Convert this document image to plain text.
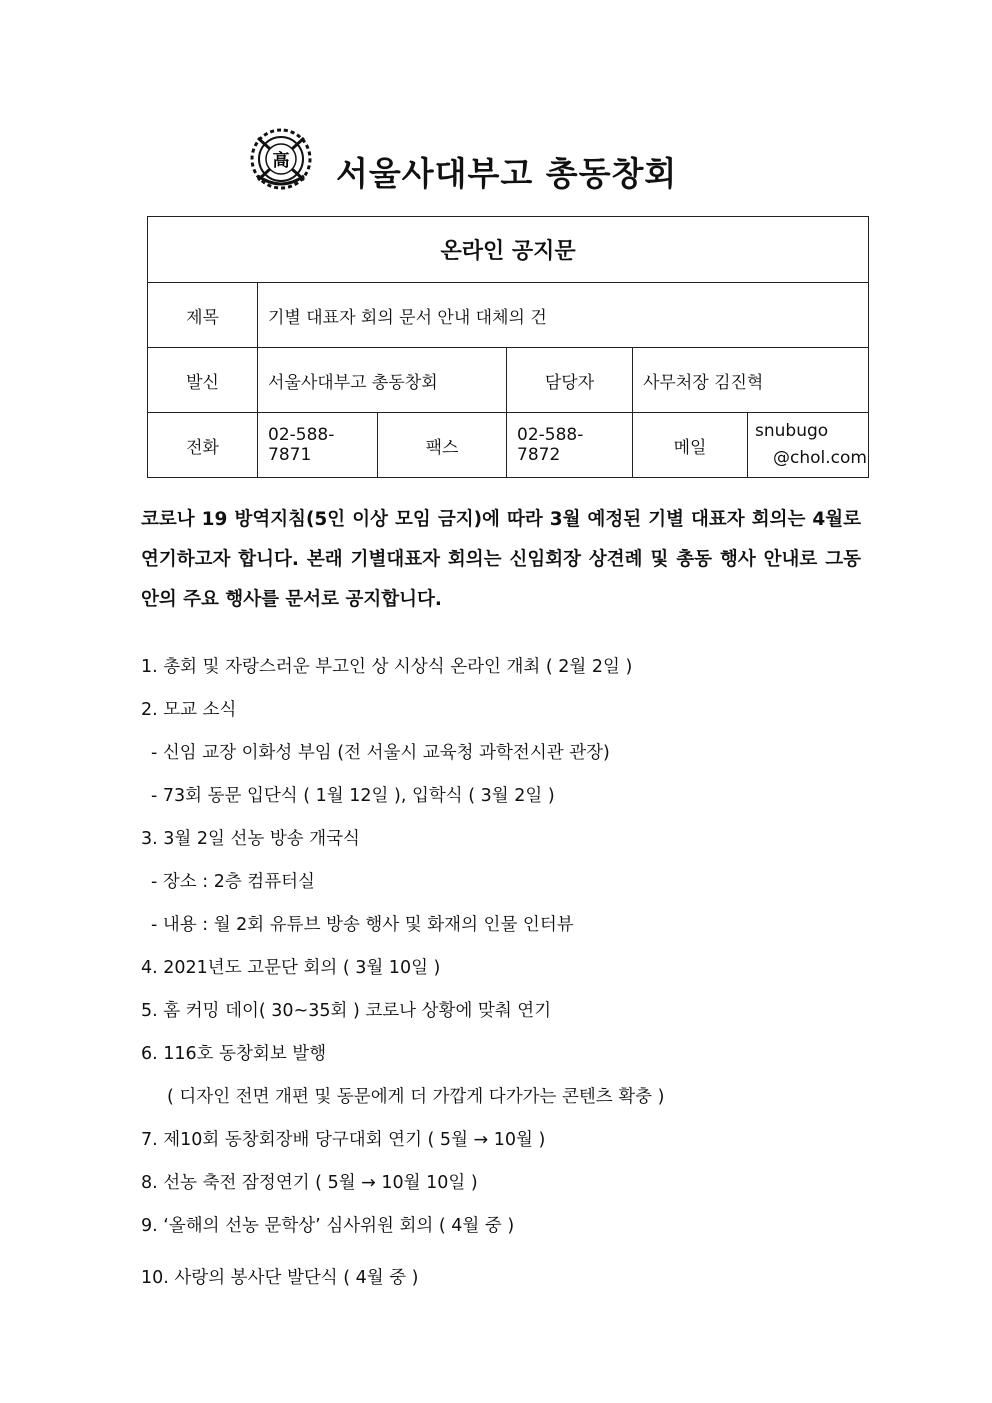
高 서울사대부고 총동창회
온라인 공지문					
제목	기별 대표자 회의 문서 안내 대체의 건				
발신	서울사대부고 총동창회		담당자	사무처장 김진혁	
전화	02-588-7871	팩스	02-588-7872	메일	snubugo
@chol.com
코로나 19 방역지침(5인 이상 모임 금지)에 따라 3월 예정된 기별 대표자 회의는 4월로 연기하고자 합니다. 본래 기별대표자 회의는 신임회장 상견례 및 총동 행사 안내로 그동안의 주요 행사를 문서로 공지합니다.
1. 총회 및 자랑스러운 부고인 상 시상식 온라인 개최 ( 2월 2일 )
2. 모교 소식
- 신임 교장 이화성 부임 (전 서울시 교육청 과학전시관 관장)
- 73회 동문 입단식 ( 1월 12일 ), 입학식 ( 3월 2일 )
3. 3월 2일 선농 방송 개국식
- 장소 : 2층 컴퓨터실
- 내용 : 월 2회 유튜브 방송 행사 및 화재의 인물 인터뷰
4. 2021년도 고문단 회의 ( 3월 10일 )
5. 홈 커밍 데이( 30~35회 ) 코로나 상황에 맞춰 연기
6. 116호 동창회보 발행
( 디자인 전면 개편 및 동문에게 더 가깝게 다가가는 콘텐츠 확충 )
7. 제10회 동창회장배 당구대회 연기 ( 5월 → 10월 )
8. 선농 축전 잠정연기 ( 5월 → 10월 10일 )
9. ‘올해의 선농 문학상’ 심사위원 회의 ( 4월 중 )
10. 사랑의 봉사단 발단식 ( 4월 중 )
